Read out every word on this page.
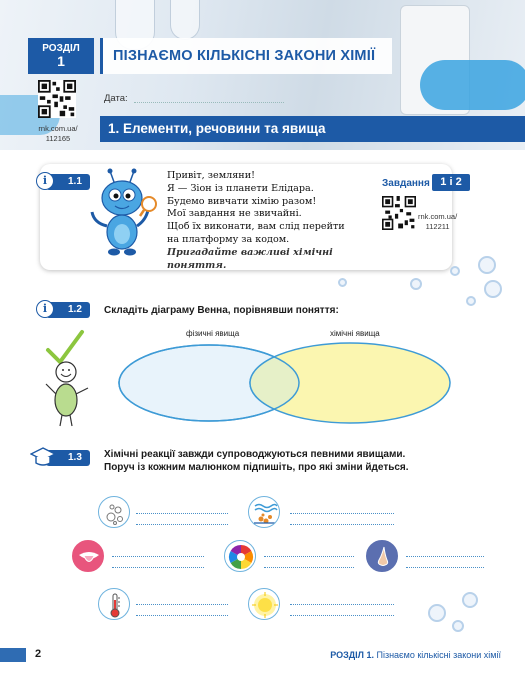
РОЗДІЛ
1	ПІЗНАЄМО КІЛЬКІСНІ ЗАКОНИ ХІМІЇ
rnk.com.ua/
112165
Дата:
1. Елементи, речовини та явища
1.1
i	Привіт, земляни!
Я — Зіон із планети Елідара.
Будемо вивчати хімію разом!
Мої завдання не звичайні.
Щоб їх виконати, вам слід перейти
на платформу за кодом.
Пригадайте важливі хімічні поняття.
Завдання 1 і 2
rnk.com.ua/
112211
1.2
i	Складіть діаграму Венна, порівнявши поняття:
фізичні явища	хімічні явища
1.3	Хімічні реакції завжди супроводжуються певними явищами.
Поруч із кожним малюнком підпишіть, про які зміни йдеться.
2	РОЗДІЛ 1. Пізнаємо кількісні закони хімії
